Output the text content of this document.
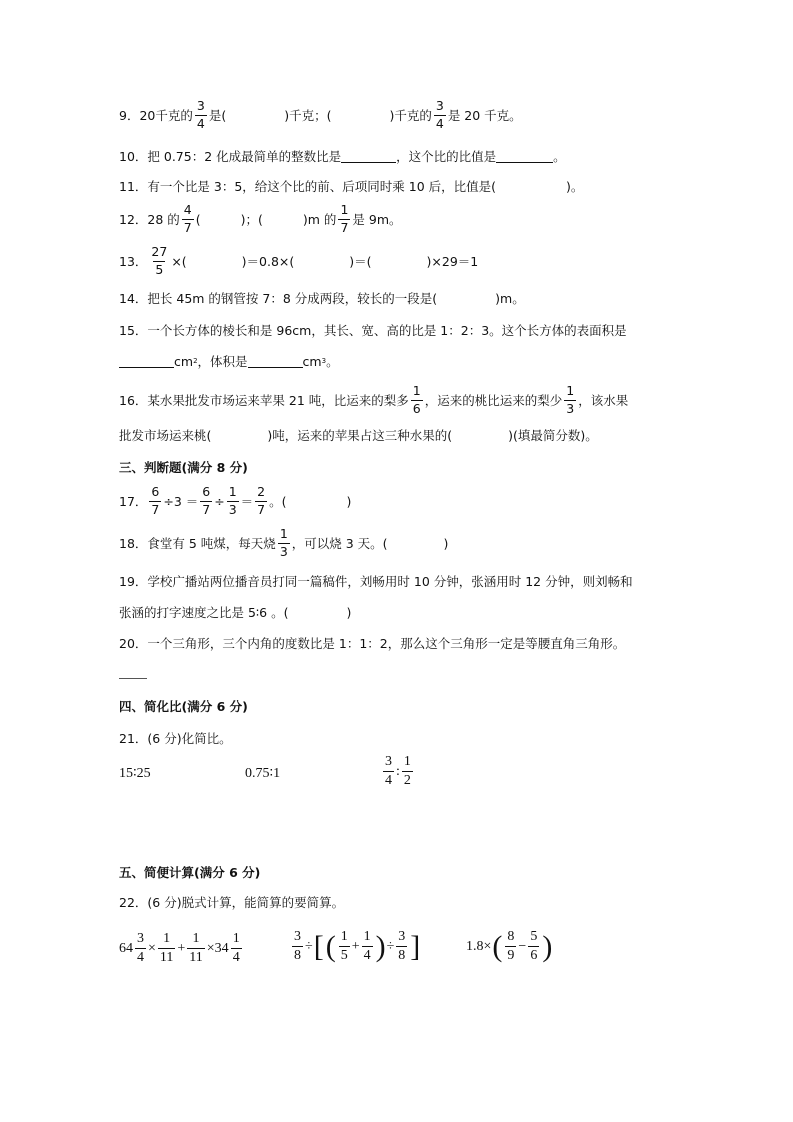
9．20千克的 $\frac{3}{4}$ 是(	)千克；(	)千克的 $\frac{3}{4}$ 是 20 千克。
10．把 0.75：2 化成最简单的整数比是	，这个比的比值是	。
11．有一个比是 3：5，给这个比的前、后项同时乘 10 后，比值是(	)。
12．28 的 $\frac{4}{7}$ (	)；(	)m 的 $\frac{1}{7}$ 是 9m。
13． $\frac{27}{5}$ ×(	)＝0.8×(	)＝(	)×29＝1
14．把长 45m 的钢管按 7：8 分成两段，较长的一段是(	)m。
15．一个长方体的棱长和是 96cm，其长、宽、高的比是 1：2：3。这个长方体的表面积是
cm 2 ，体积是	cm 3 。
16．某水果批发市场运来苹果 21 吨，比运来的梨多 $\frac{1}{6}$ ，运来的桃比运来的梨少 $\frac{1}{3}$ ，该水果
批发市场运来桃(	)吨，运来的苹果占这三种水果的(	)(填最简分数)。
三、判断题(满分 8 分)
17． $\frac{6}{7} \div 3 = \frac{6}{7} \div \frac{1}{3} = \frac{2}{7}$ 。(	)
18．食堂有 5 吨煤，每天烧 $\frac{1}{3}$ ，可以烧 3 天。(	)
19．学校广播站两位播音员打同一篇稿件，刘畅用时 10 分钟，张涵用时 12 分钟，则刘畅和
张涵的打字速度之比是 5∶6 。(	)
20．一个三角形，三个内角的度数比是 1：1：2，那么这个三角形一定是等腰直角三角形。
四、简化比(满分 6 分)
21．(6 分)化简比。
15∶25	0.75∶1	$\frac{3}{4}$ : $\frac{1}{2}$
五、简便计算(满分 6 分)
22．(6 分)脱式计算，能简算的要简算。
$64 \frac{3}{4} \times \frac{1}{11} + \frac{1}{11} \times 34 \frac{1}{4}$	$\frac{3}{8}$ ÷ [ ( $\frac{1}{5} + \frac{1}{4}$ ) ÷ $\frac{3}{8}$ ]	1.8× ( $\frac{8}{9} - \frac{5}{6}$ )
